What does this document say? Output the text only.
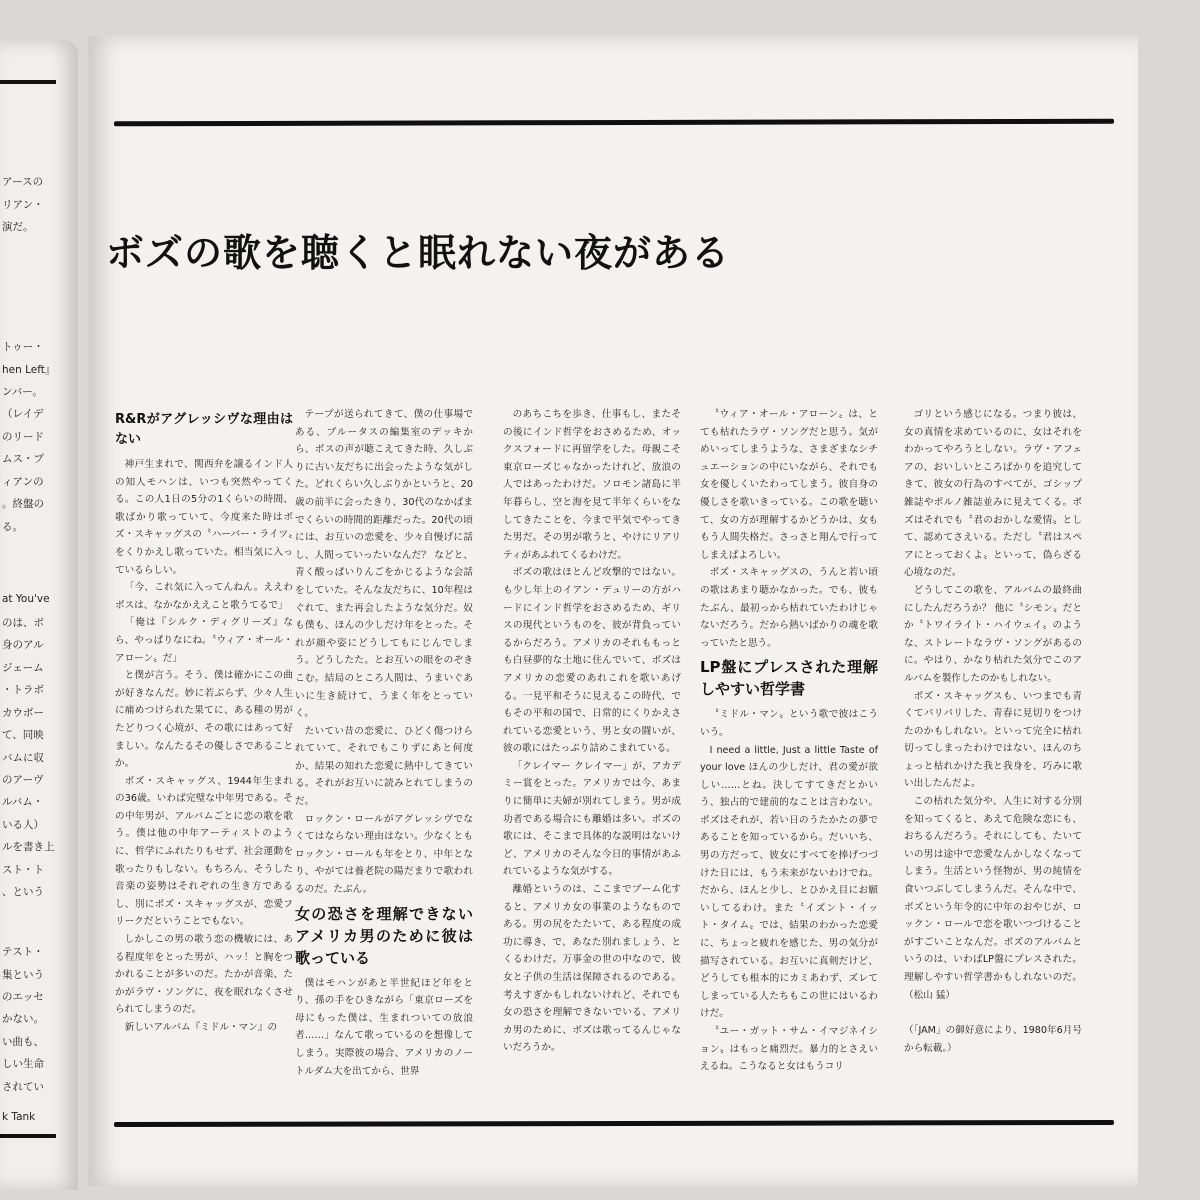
アースの
リアン・
演だ。
トゥー・
hen Left』
ンバー。
（レイデ
のリード
ムス・プ
ィアンの
。終盤の
る。
at You've
のは、ボ
身のアル
ジェーム
・トラボ
カウボー
て、同映
バムに収
のアーヴ
ルバム・
いる人）
ルを書き上
スト・ト
、という
テスト・
集という
のエッセ
かない。
い曲も、
しい生命
されてい
k Tank
ボズの歌を聴くと眠れない夜がある
R&Rがアグレッシヴな理由はない

神戸生まれで、関西弁を譲るインド人の知人モハンは、いつも突然やってくる。この人1日の5分の1くらいの時間、歌ばかり歌っていて、今度来た時はボズ・スキャッグスの〝ハーバー・ライツ〟をくりかえし歌っていた。相当気に入っているらしい。

「今、これ気に入ってんねん。ええわボスは、なかなかええこと歌うてるで」

「俺は『シルク・ディグリーズ』なら、やっぱりなにね。〝ウィア・オール・アローン〟だ」

と僕が言う。そう、僕は確かにこの曲が好きなんだ。妙に若ぶらず、少々人生に痛めつけられた果てに、ある種の男がたどりつく心境が、その歌にはあって好ましい。なんたるその優しさであることか。

ボズ・スキャッグス、1944年生まれの36歳。いわば完璧な中年男である。その中年男が、アルバムごとに恋の歌を歌う。僕は他の中年アーティストのように、哲学にふれたりもせず、社会運動を歌ったりもしない。もちろん、そうした音楽の姿勢はそれぞれの生き方であるし、別にボズ・スキャッグスが、恋愛フリークだということでもない。

しかしこの男の歌う恋の機敏には、ある程度年をとった男が、ハッ！と胸をつかれることが多いのだ。たかが音楽、たかがラヴ・ソングに、夜を眠れなくさせられてしまうのだ。

新しいアルバム『ミドル・マン』の

テープが送られてきて、僕の仕事場である、ブルータスの編集室のデッキから、ボスの声が聴こえてきた時、久しぶりに古い友だちに出会ったような気がした。どれくらい久しぶりかというと、20歳の前半に会ったきり、30代のなかばまでくらいの時間的距離だった。20代の頃には、お互いの恋愛を、少々自慢げに話し、人間っていったいなんだ？ などと、青く酸っぱいりんごをかじるような会話をしていた。そんな友だちに、10年程はぐれて、また再会したような気分だ。奴も僕も、ほんの少しだけ年をとった。それが顔や姿にどうしてもにじんでしまう。どうしたた。とお互いの眼をのぞきこむ。結局のところ人間は、うまいぐあいに生き続けて、うまく年をとっていく。

たいてい昔の恋愛に、ひどく傷つけられていて、それでもこりずにあと何度か、結果の知れた恋愛に熱中してきている。それがお互いに読みとれてしまうのだ。

ロックン・ロールがアグレッシヴでなくてはならない理由はない。少なくともロックン・ロールも年をとり、中年となり、やがては養老院の陽だまりで歌われるのだ。たぶん。

女の恐さを理解できないアメリカ男のために彼は歌っている

僕はモハンがあと半世紀ほど年をとり、孫の手をひきながら「東京ローズを母にもった僕は、生まれついての放浪者……」なんて歌っているのを想像してしまう。実際彼の場合、アメリカのノートルダム大を出てから、世界

のあちこちを歩き、仕事もし、またその後にインド哲学をおさめるため、オックスフォードに再留学をした。母親こそ東京ローズじゃなかったけれど、放浪の人ではあったわけだ。ソロモン諸島に半年暮らし、空と海を見て半年くらいをなしてきたことを、今まで平気でやってきた男だ。その男が歌うと、やけにリアリティがあふれてくるわけだ。

ボズの歌はほとんど攻撃的ではない。も少し年上のイアン・デュリーの方がハードにインド哲学をおさめるため、ギリスの現代というものを、彼が背負っているからだろう。アメリカのそれももっとも白昼夢的な土地に住んでいて、ボズはアメリカの恋愛のあれこれを歌いあげる。一見平和そうに見えるこの時代、でもその平和の国で、日常的にくりかえされている恋愛という、男と女の闘いが、彼の歌にはたっぷり詰めこまれている。

「クレイマー クレイマー」が、アカデミー賞をとった。アメリカでは今、あまりに簡単に夫婦が別れてしまう。男が成功者である場合にも離婚は多い。ボズの歌には、そこまで具体的な説明はないけど、アメリカのそんな今日的事情があふれているような気がする。

離婚というのは、ここまでブーム化すると、アメリカ女の事業のようなものである。男の尻をたたいて、ある程度の成功に導き、で、あなた別れましょう、とくるわけだ。万事金の世の中なので、彼女と子供の生活は保障されるのである。考えすぎかもしれないけれど、それでも女の恐さを理解できないでいる、アメリカ男のために、ボズは歌ってるんじゃないだろうか。

〝ウィア・オール・アローン〟は、とても枯れたラヴ・ソングだと思う。気がめいってしまうような、さまざまなシチュエーションの中にいながら、それでも女を優しくいたわってしまう。彼自身の優しさを歌いきっている。この歌を聴いて、女の方が理解するかどうかは、女ももう人間失格だ。さっさと翔んで行ってしまえばよろしい。

ボズ・スキャッグスの、うんと若い頃の歌はあまり聴かなかった。でも、彼もたぶん、最初っから枯れていたわけじゃないだろう。だから熱いばかりの魂を歌っていたと思う。

LP盤にプレスされた理解しやすい哲学書

〝ミドル・マン〟という歌で彼はこういう。

I need a little, Just a little Taste of your love ほんの少しだけ、君の愛が欲しい……とね。決してすてきだとかいう、独占的で建前的なことは言わない。ボズはそれが、若い日のうたかたの夢であることを知っているから。だいいち、男の方だって、彼女にすべてを捧げつづけた日には、もう未来がないわけでね。だから、ほんと少し、とひかえ目にお願いしてるわけ。また〝イズント・イット・タイム〟では、結果のわかった恋愛に、ちょっと疲れを感じた、男の気分が描写されている。お互いに真剣だけど、どうしても根本的にカミあわず、ズレてしまっている人たちもこの世にはいるわけだ。

〝ユー・ガット・サム・イマジネイション〟はもっと痛烈だ。暴力的とさえいえるね。こうなると女はもうコリ

ゴリという感じになる。つまり彼は、女の真情を求めているのに、女はそれをわかってやろうとしない。ラヴ・アフェアの、おいしいところばかりを追究してきて、彼女の行為のすべてが、ゴシップ雑誌やポルノ雑誌並みに見えてくる。ボズはそれでも〝君のおかしな愛情〟として、認めてさえいる。ただし〝君はスペアにとっておくよ〟といって、偽らざる心境なのだ。

どうしてこの歌を、アルバムの最終曲にしたんだろうか？ 他に〝シモン〟だとか〝トワイライト・ハイウェイ〟のような、ストレートなラヴ・ソングがあるのに。やはり、かなり枯れた気分でこのアルバムを製作したのかもしれない。

ボズ・スキャッグスも、いつまでも青くてパリパリした、青春に見切りをつけたのかもしれない。といって完全に枯れ切ってしまったわけではない、ほんのちょっと枯れかけた我と我身を、巧みに歌い出したんだよ。

この枯れた気分や、人生に対する分別を知ってくると、あえて危険な恋にも、おちるんだろう。それにしても、たいていの男は途中で恋愛なんかしなくなってしまう。生活という怪物が、男の純情を食いつぶしてしまうんだ。そんな中で、ボズという年令的に中年のおやじが、ロックン・ロールで恋を歌いつづけることがすごいことなんだ。ボズのアルバムというのは、いわばLP盤にプレスされた。理解しやすい哲学書かもしれないのだ。 （松山 猛）

（「JAM」の御好意により、1980年6月号から転載。）
